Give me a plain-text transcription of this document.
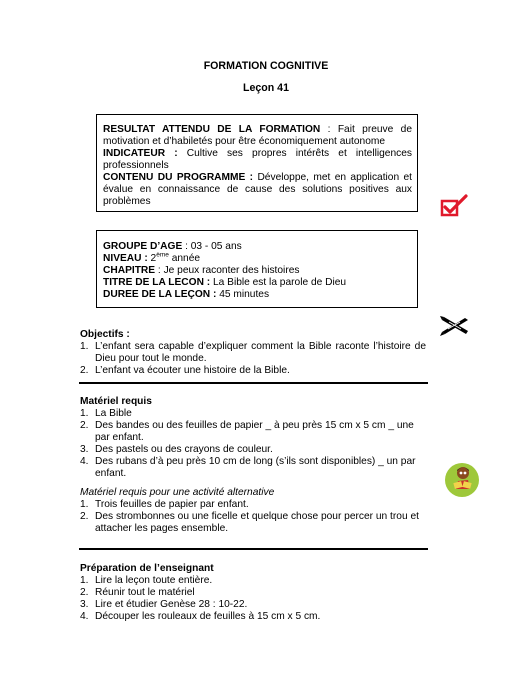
FORMATION COGNITIVE
Leçon 41
RESULTAT ATTENDU DE LA FORMATION : Fait preuve de motivation et d’habiletés pour être économiquement autonome
INDICATEUR : Cultive ses propres intérêts et intelligences professionnels
CONTENU DU PROGRAMME : Développe, met en application et évalue en connaissance de cause des solutions positives aux problèmes
GROUPE D’AGE : 03 - 05 ans
NIVEAU : 2ème année
CHAPITRE : Je peux raconter des histoires
TITRE DE LA LECON : La Bible est la parole de Dieu
DUREE DE LA LEÇON : 45 minutes
Objectifs :
1. L’enfant sera capable d’expliquer comment la Bible raconte l’histoire de Dieu pour tout le monde.
2. L’enfant va écouter une histoire de la Bible.
Matériel requis
1. La Bible
2. Des bandes ou des feuilles de papier _ à peu près 15 cm x 5 cm _ une par enfant.
3. Des pastels ou des crayons de couleur.
4. Des rubans d’à peu près 10 cm de long (s’ils sont disponibles) _ un par enfant.
Matériel requis pour une activité alternative
1. Trois feuilles de papier par enfant.
2. Des strombonnes ou une ficelle et quelque chose pour percer un trou et attacher les pages ensemble.
Préparation de l’enseignant
1. Lire la leçon toute entière.
2. Réunir tout le matériel
3. Lire et étudier Genèse 28 : 10-22.
4. Découper les rouleaux de feuilles à 15 cm x 5 cm.
